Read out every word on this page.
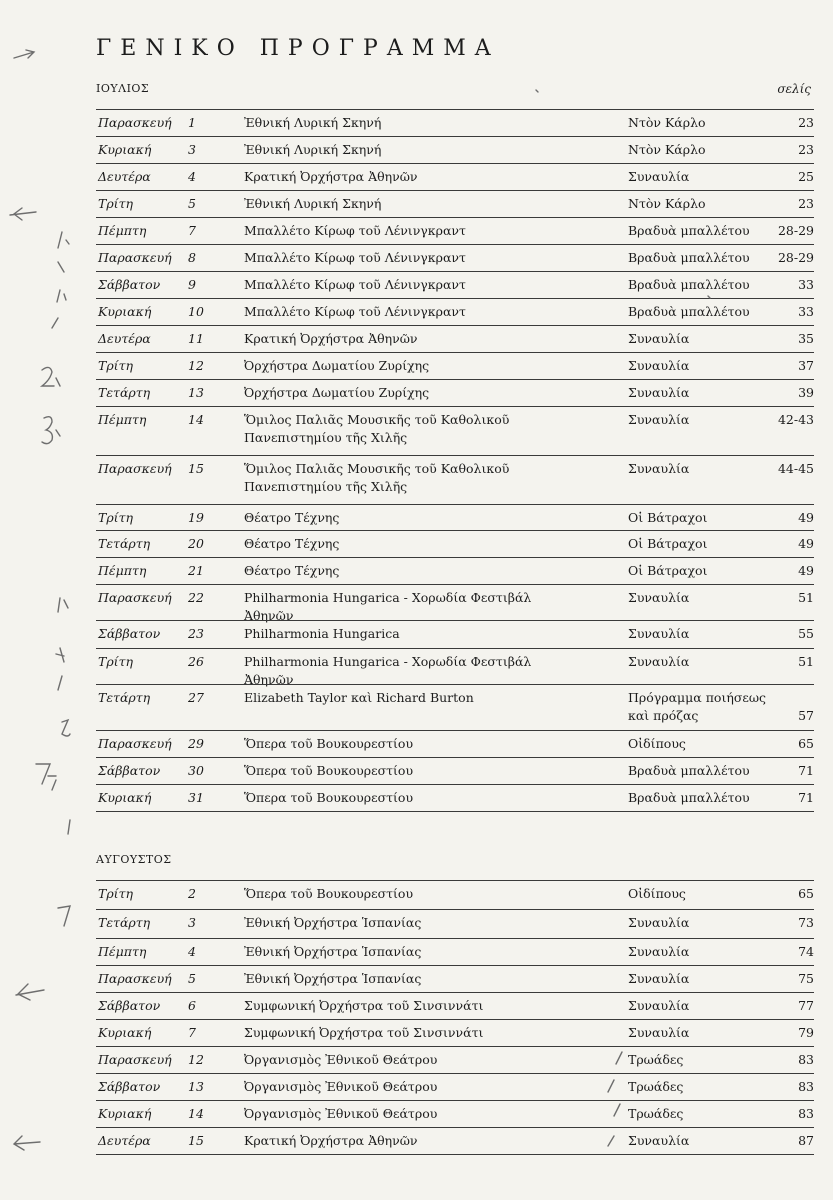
ΓΕΝΙΚΟ ΠΡΟΓΡΑΜΜΑ
σελίς
ΙΟΥΛΙΟΣ
Παρασκευή 1	Ἐθνική Λυρική Σκηνή	Ντὸν Κάρλο	23
Κυριακή	3	Ἐθνική Λυρική Σκηνή	Ντὸν Κάρλο	23
Δευτέρα	4	Κρατική Ὀρχήστρα Ἀθηνῶν	Συναυλία	25
Τρίτη	5	Ἐθνική Λυρική Σκηνή	Ντὸν Κάρλο	23
Πέμπτη	7	Μπαλλέτο Κίρωφ τοῦ Λένινγκραντ	Βραδυὰ μπαλλέτου 28-29
Παρασκευή 8	Μπαλλέτο Κίρωφ τοῦ Λένινγκραντ	Βραδυὰ μπαλλέτου 28-29
Σάββατον 9	Μπαλλέτο Κίρωφ τοῦ Λένινγκραντ	Βραδυὰ μπαλλέτου	33
Κυριακή	10	Μπαλλέτο Κίρωφ τοῦ Λένινγκραντ	Βραδυὰ μπαλλέτου	33
Δευτέρα	11	Κρατική Ὀρχήστρα Ἀθηνῶν	Συναυλία	35
Τρίτη	12	Ὀρχήστρα Δωματίου Ζυρίχης	Συναυλία	37
Τετάρτη	13	Ὀρχήστρα Δωματίου Ζυρίχης	Συναυλία	39
Πέμπτη	14	Ὅμιλος Παλιᾶς Μουσικῆς τοῦ Καθολικοῦ
Πανεπιστημίου τῆς Χιλῆς
Συναυλία	42-43
Παρασκευή 15	Ὅμιλος Παλιᾶς Μουσικῆς τοῦ Καθολικοῦ
Πανεπιστημίου τῆς Χιλῆς
Συναυλία	44-45
Τρίτη	19	Θέατρο Τέχνης	Οἱ Βάτραχοι	49
Τετάρτη	20	Θέατρο Τέχνης	Οἱ Βάτραχοι	49
Πέμπτη	21	Θέατρο Τέχνης	Οἱ Βάτραχοι	49
Παρασκευή 22	Philharmonia Hungarica - Χορωδία Φεστιβάλ
Ἀθηνῶν
Συναυλία	51
Σάββατον 23	Philharmonia Hungarica	Συναυλία	55
Τρίτη	26	Philharmonia Hungarica - Χορωδία Φεστιβάλ
Ἀθηνῶν
Συναυλία	51
Τετάρτη	27	Elizabeth Taylor καὶ Richard Burton	Πρόγραμμα ποιήσεως
καὶ πρόζας	57
Παρασκευή 29	Ὅπερα τοῦ Βουκουρεστίου	Οἰδίπους	65
Σάββατον 30	Ὅπερα τοῦ Βουκουρεστίου	Βραδυὰ μπαλλέτου	71
Κυριακή	31	Ὅπερα τοῦ Βουκουρεστίου	Βραδυὰ μπαλλέτου	71
ΑΥΓΟΥΣΤΟΣ
Τρίτη	2	Ὅπερα τοῦ Βουκουρεστίου	Οἰδίπους	65
Τετάρτη	3	Ἐθνική Ὀρχήστρα Ἱσπανίας	Συναυλία	73
Πέμπτη	4	Ἐθνική Ὀρχήστρα Ἱσπανίας	Συναυλία	74
Παρασκευή 5	Ἐθνική Ὀρχήστρα Ἱσπανίας	Συναυλία	75
Σάββατον 6	Συμφωνική Ὀρχήστρα τοῦ Σινσιννάτι	Συναυλία	77
Κυριακή	7	Συμφωνική Ὀρχήστρα τοῦ Σινσιννάτι	Συναυλία	79
Παρασκευή 12	Ὀργανισμὸς Ἐθνικοῦ Θεάτρου	Τρωάδες	83
Σάββατον 13	Ὀργανισμὸς Ἐθνικοῦ Θεάτρου	Τρωάδες	83
Κυριακή	14	Ὀργανισμὸς Ἐθνικοῦ Θεάτρου	Τρωάδες	83
Δευτέρα	15	Κρατική Ὀρχήστρα Ἀθηνῶν	Συναυλία	87
